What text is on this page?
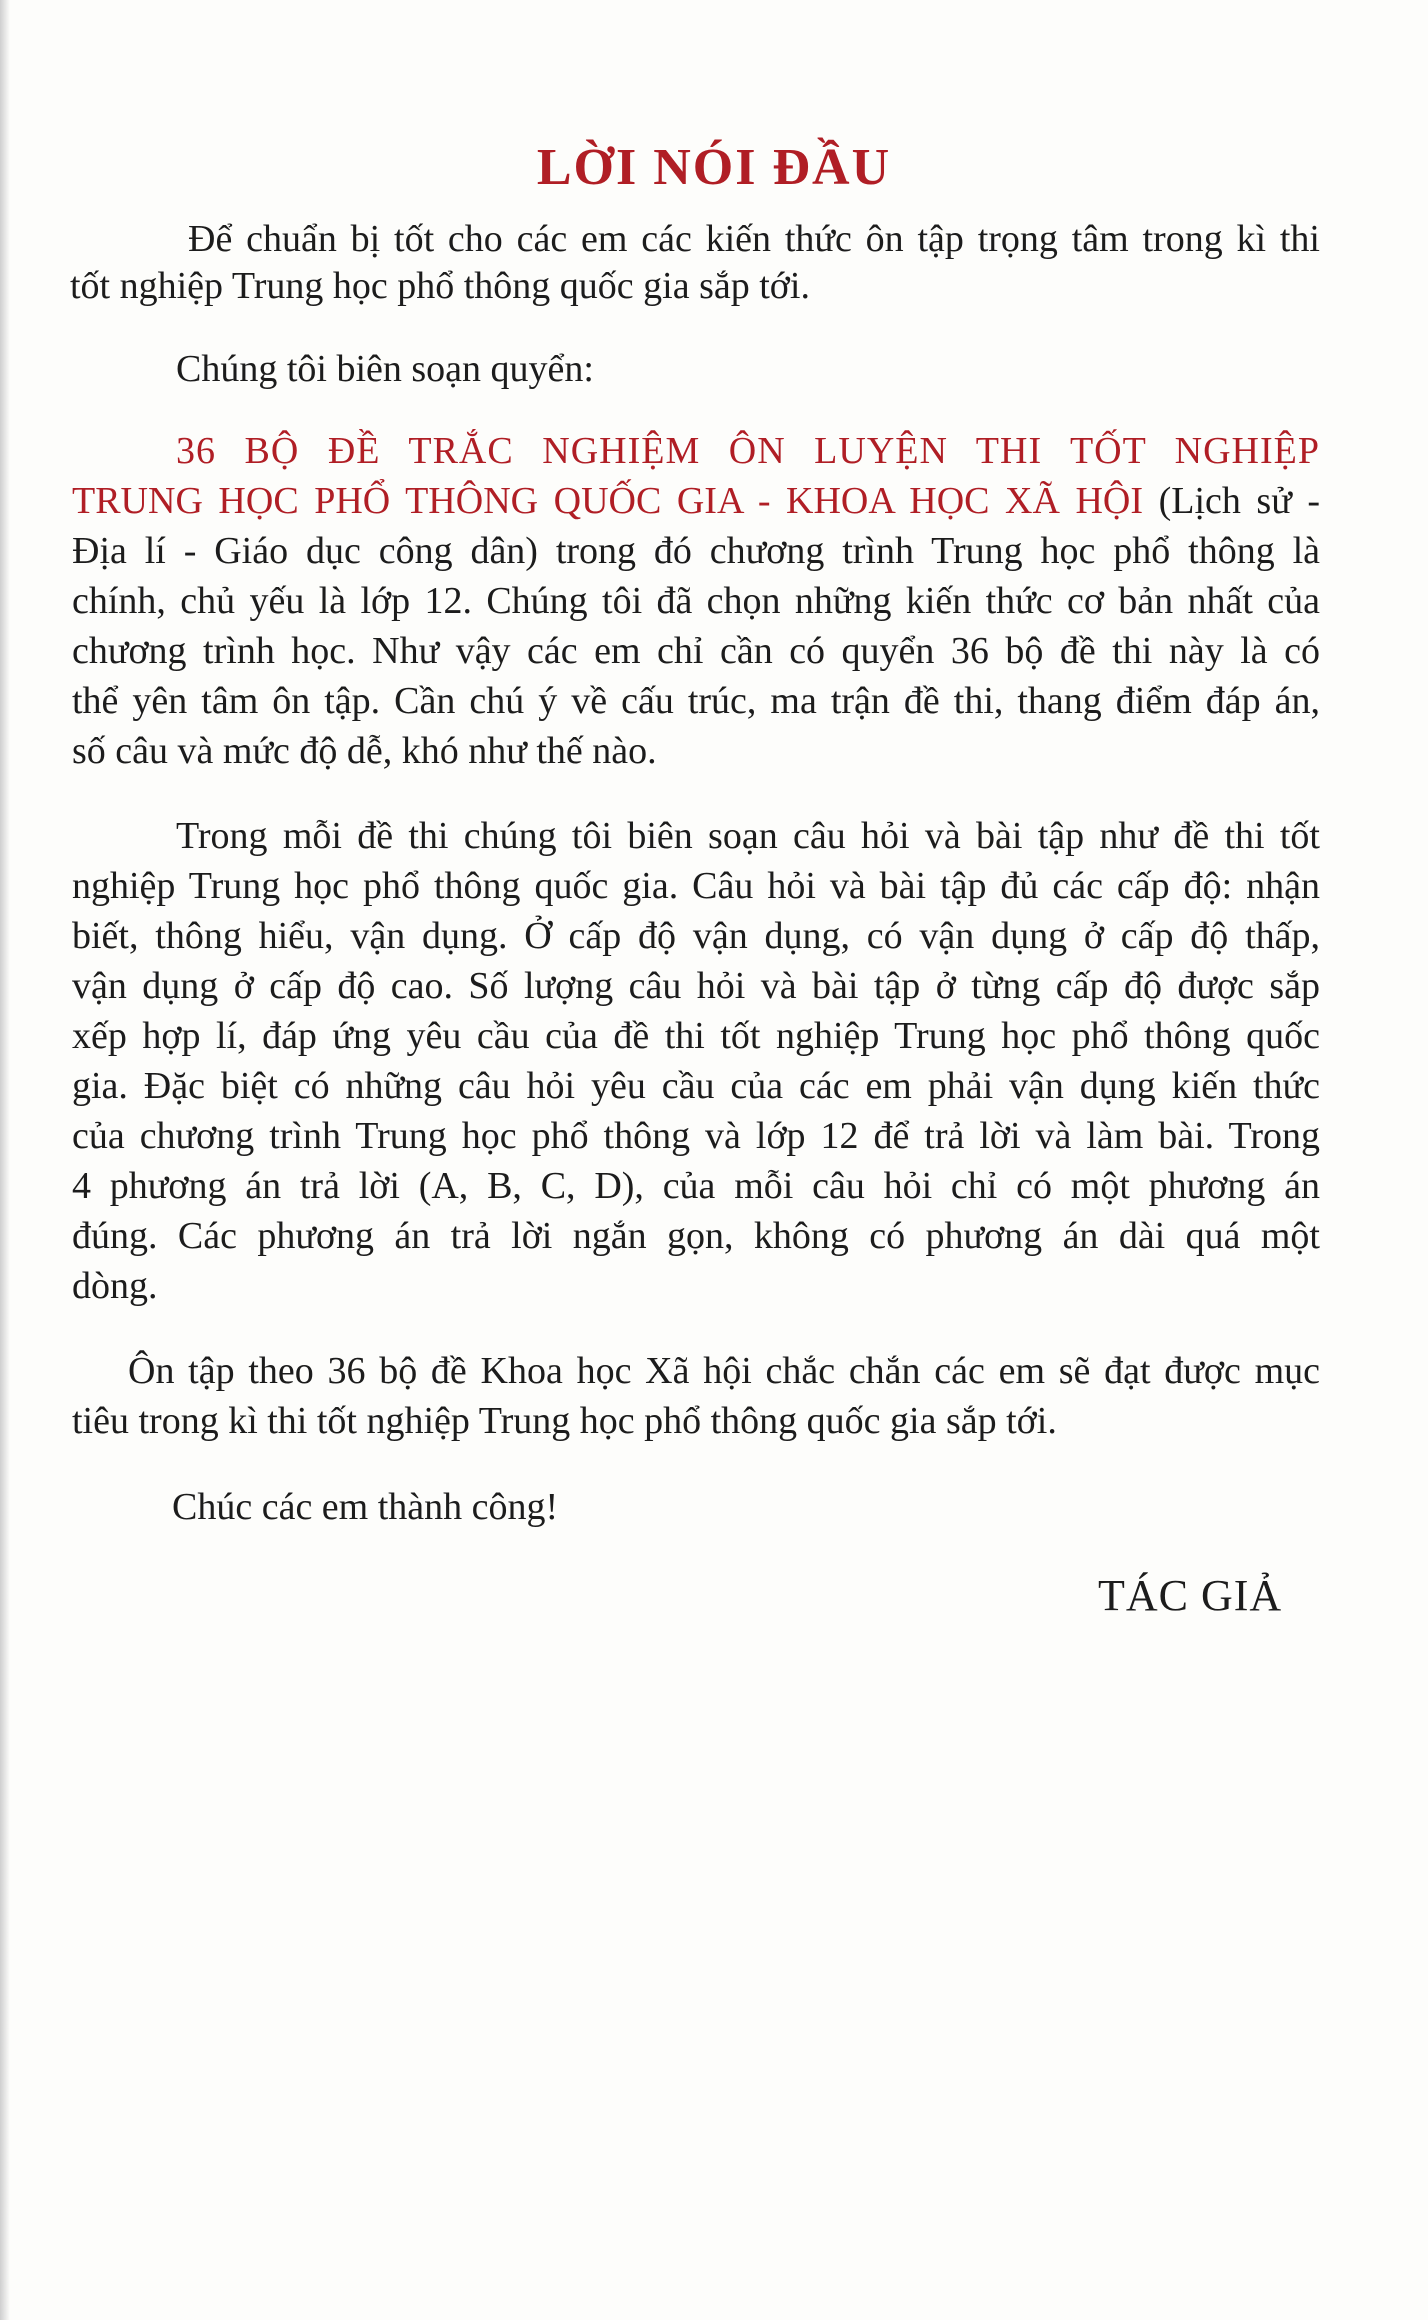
LỜI NÓI ĐẦU
Để chuẩn bị tốt cho các em các kiến thức ôn tập trọng tâm trong kì thi
tốt nghiệp Trung học phổ thông quốc gia sắp tới.
Chúng tôi biên soạn quyển:
36 BỘ ĐỀ TRẮC NGHIỆM ÔN LUYỆN THI TỐT NGHIỆP
TRUNG HỌC PHỔ THÔNG QUỐC GIA - KHOA HỌC XÃ HỘI (Lịch sử -
Địa lí - Giáo dục công dân) trong đó chương trình Trung học phổ thông là
chính, chủ yếu là lớp 12. Chúng tôi đã chọn những kiến thức cơ bản nhất của
chương trình học. Như vậy các em chỉ cần có quyển 36 bộ đề thi này là có
thể yên tâm ôn tập. Cần chú ý về cấu trúc, ma trận đề thi, thang điểm đáp án,
số câu và mức độ dễ, khó như thế nào.
Trong mỗi đề thi chúng tôi biên soạn câu hỏi và bài tập như đề thi tốt
nghiệp Trung học phổ thông quốc gia. Câu hỏi và bài tập đủ các cấp độ: nhận
biết, thông hiểu, vận dụng. Ở cấp độ vận dụng, có vận dụng ở cấp độ thấp,
vận dụng ở cấp độ cao. Số lượng câu hỏi và bài tập ở từng cấp độ được sắp
xếp hợp lí, đáp ứng yêu cầu của đề thi tốt nghiệp Trung học phổ thông quốc
gia. Đặc biệt có những câu hỏi yêu cầu của các em phải vận dụng kiến thức
của chương trình Trung học phổ thông và lớp 12 để trả lời và làm bài. Trong
4 phương án trả lời (A, B, C, D), của mỗi câu hỏi chỉ có một phương án
đúng. Các phương án trả lời ngắn gọn, không có phương án dài quá một
dòng.
Ôn tập theo 36 bộ đề Khoa học Xã hội chắc chắn các em sẽ đạt được mục
tiêu trong kì thi tốt nghiệp Trung học phổ thông quốc gia sắp tới.
Chúc các em thành công!
TÁC GIẢ
